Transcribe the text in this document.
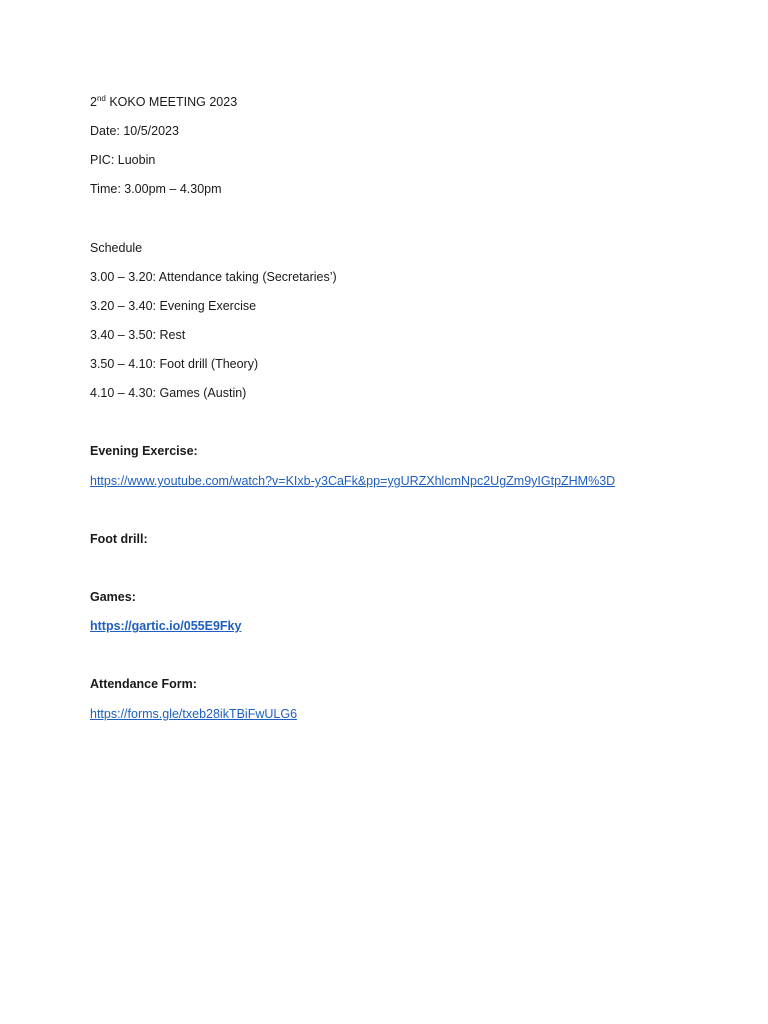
2nd KOKO MEETING 2023
Date: 10/5/2023
PIC: Luobin
Time: 3.00pm – 4.30pm
Schedule
3.00 – 3.20: Attendance taking (Secretaries’)
3.20 – 3.40: Evening Exercise
3.40 – 3.50: Rest
3.50 – 4.10: Foot drill (Theory)
4.10 – 4.30: Games (Austin)
Evening Exercise:
https://www.youtube.com/watch?v=KIxb-y3CaFk&pp=ygURZXhlcmNpc2UgZm9yIGtpZHM%3D
Foot drill:
Games:
https://gartic.io/055E9Fky
Attendance Form:
https://forms.gle/txeb28ikTBiFwULG6
